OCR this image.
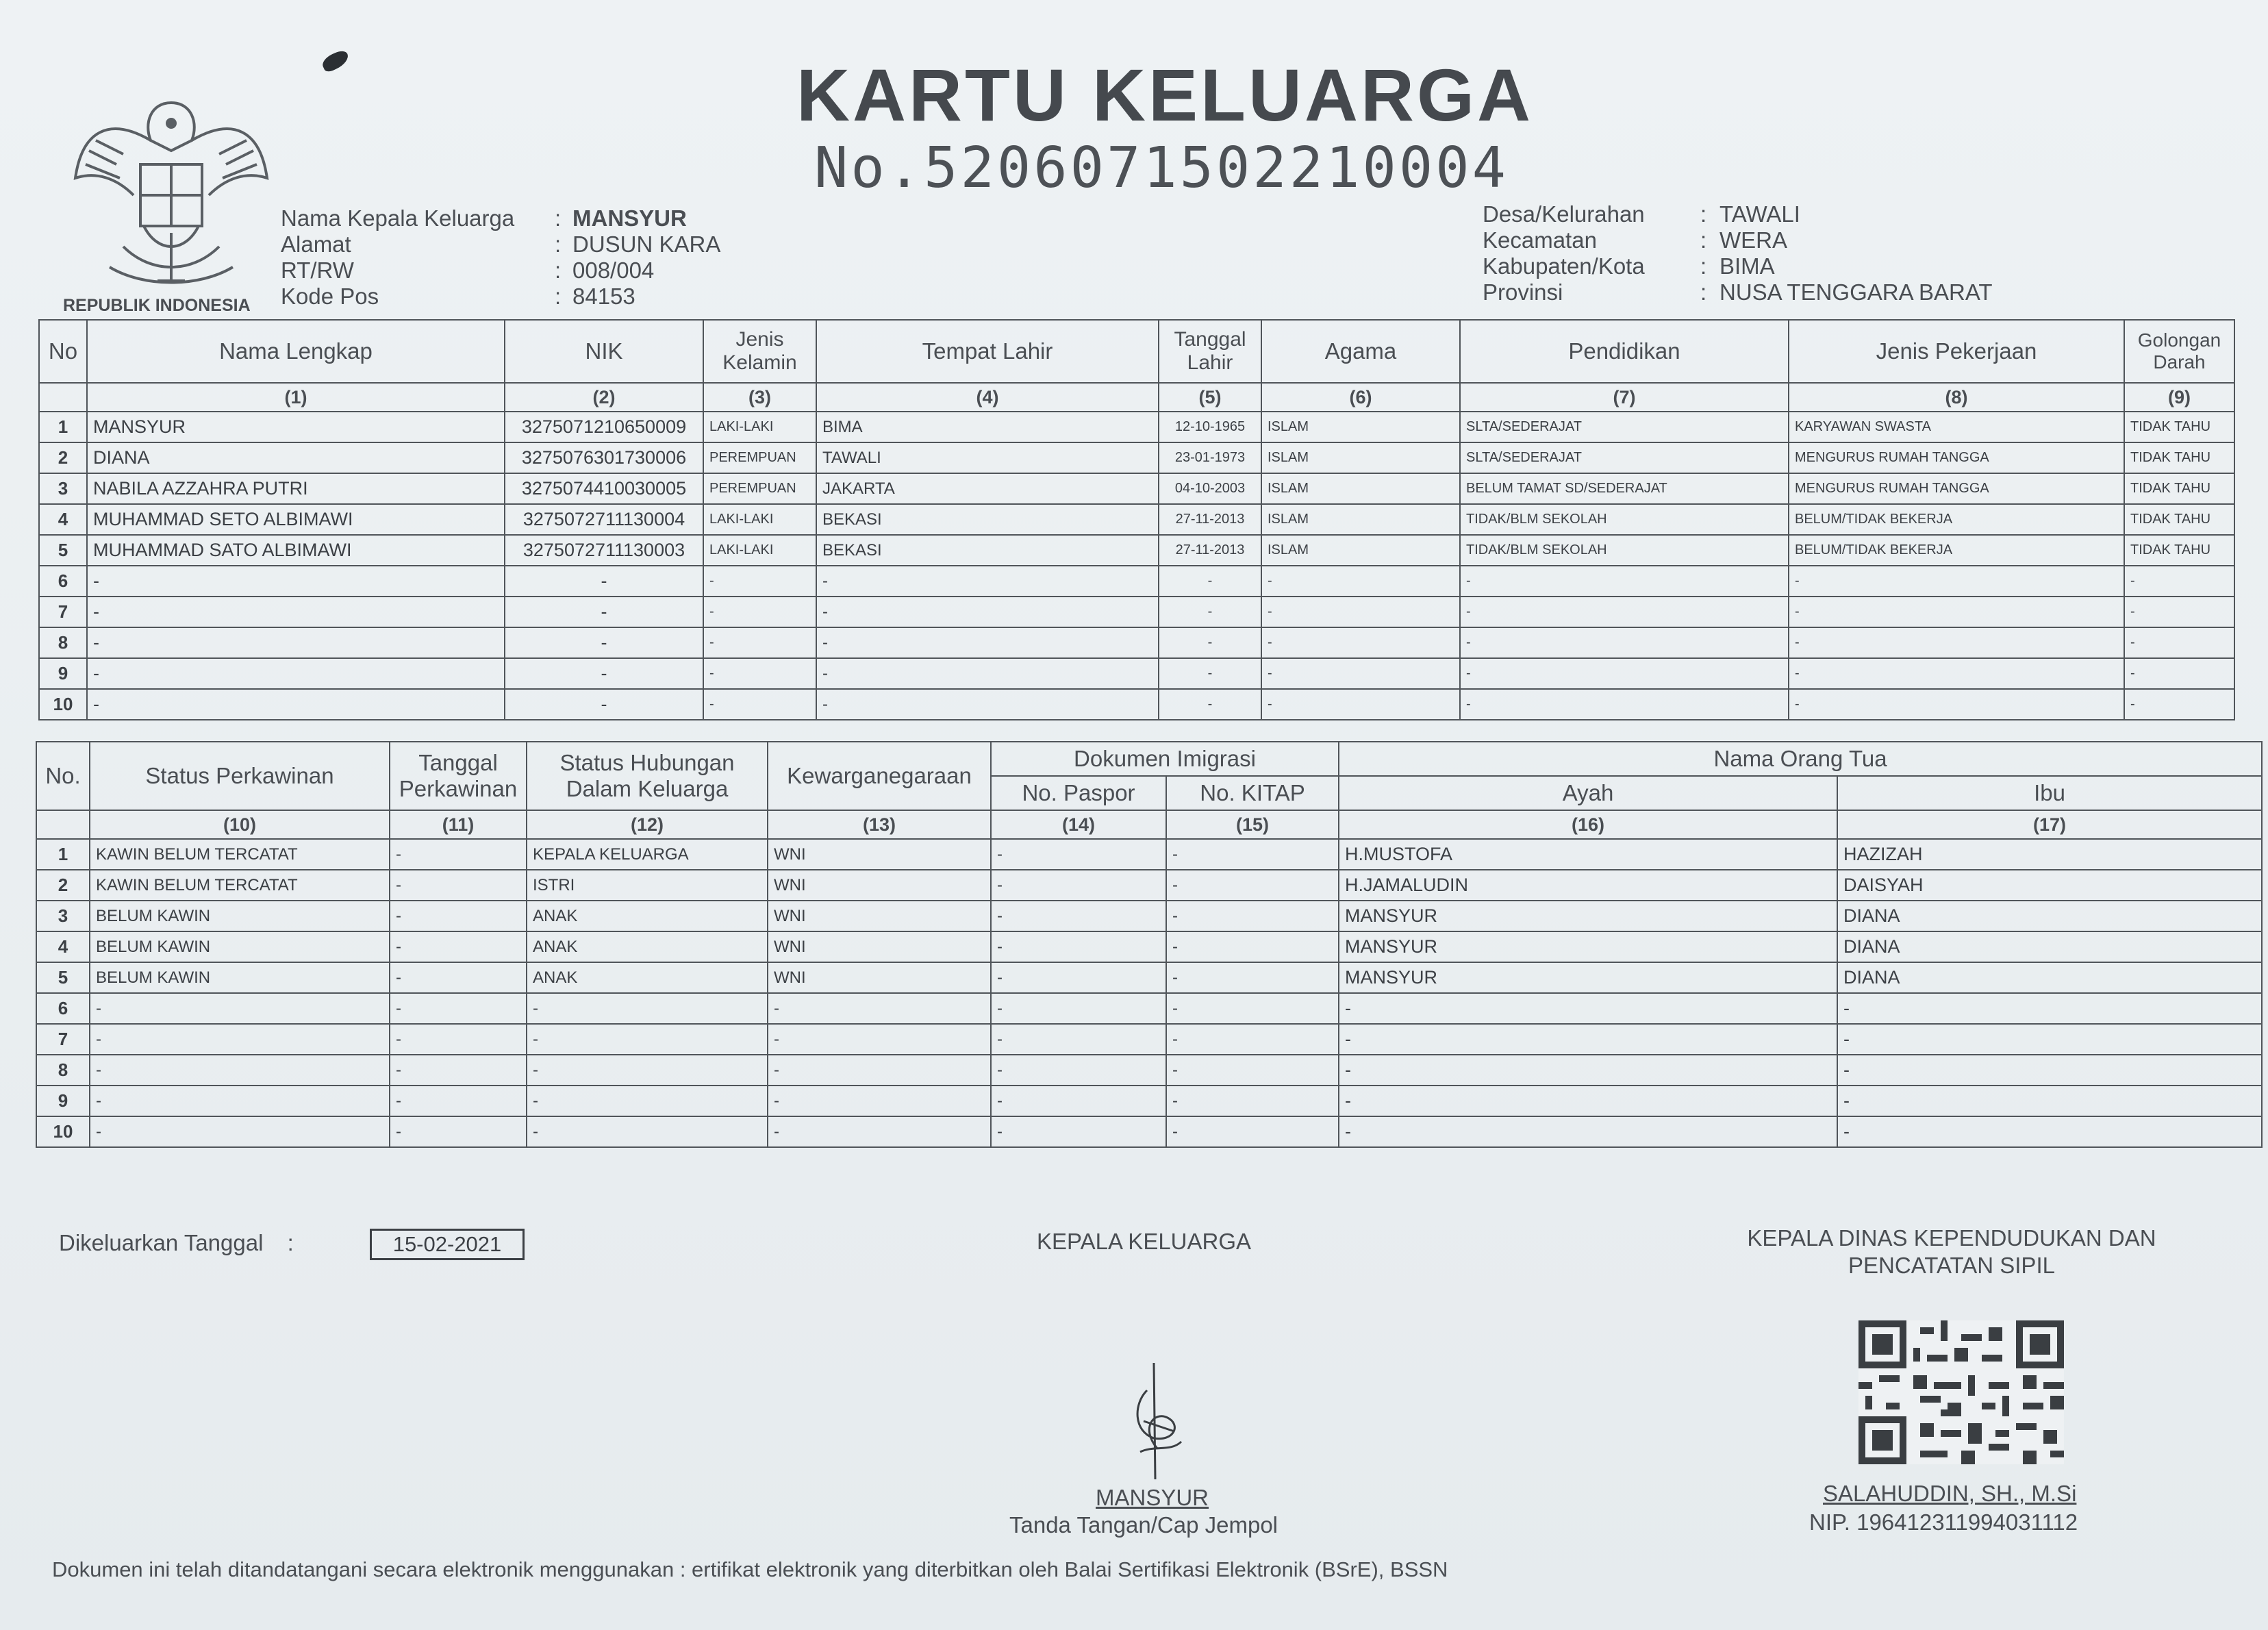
REPUBLIK INDONESIA
KARTU KELUARGA
No.5206071502210004
Nama Kepala Keluarga	: MANSYUR
Alamat	: DUSUN KARA
RT/RW	: 008/004
Kode Pos	: 84153
Desa/Kelurahan	: TAWALI
Kecamatan	: WERA
Kabupaten/Kota	: BIMA
Provinsi	: NUSA TENGGARA BARAT
No	Nama Lengkap	NIK	Jenis Kelamin	Tempat Lahir	Tanggal Lahir	Agama	Pendidikan	Jenis Pekerjaan	Golongan Darah
	(1)	(2)	(3)	(4)	(5)	(6)	(7)	(8)	(9)
1	MANSYUR	3275071210650009	LAKI-LAKI	BIMA	12-10-1965	ISLAM	SLTA/SEDERAJAT	KARYAWAN SWASTA	TIDAK TAHU
2	DIANA	3275076301730006	PEREMPUAN	TAWALI	23-01-1973	ISLAM	SLTA/SEDERAJAT	MENGURUS RUMAH TANGGA	TIDAK TAHU
3	NABILA AZZAHRA PUTRI	3275074410030005	PEREMPUAN	JAKARTA	04-10-2003	ISLAM	BELUM TAMAT SD/SEDERAJAT	MENGURUS RUMAH TANGGA	TIDAK TAHU
4	MUHAMMAD SETO ALBIMAWI	3275072711130004	LAKI-LAKI	BEKASI	27-11-2013	ISLAM	TIDAK/BLM SEKOLAH	BELUM/TIDAK BEKERJA	TIDAK TAHU
5	MUHAMMAD SATO ALBIMAWI	3275072711130003	LAKI-LAKI	BEKASI	27-11-2013	ISLAM	TIDAK/BLM SEKOLAH	BELUM/TIDAK BEKERJA	TIDAK TAHU
6	-	-	-	-	-	-	-	-	-
7	-	-	-	-	-	-	-	-	-
8	-	-	-	-	-	-	-	-	-
9	-	-	-	-	-	-	-	-	-
10	-	-	-	-	-	-	-	-	-
No.	Status Perkawinan	Tanggal Perkawinan	Status Hubungan Dalam Keluarga	Kewarganegaraan	Dokumen Imigrasi		Nama Orang Tua	
					No. Paspor	No. KITAP	Ayah	Ibu
	(10)	(11)	(12)	(13)	(14)	(15)	(16)	(17)
1	KAWIN BELUM TERCATAT	-	KEPALA KELUARGA	WNI	-	-	H.MUSTOFA	HAZIZAH
2	KAWIN BELUM TERCATAT	-	ISTRI	WNI	-	-	H.JAMALUDIN	DAISYAH
3	BELUM KAWIN	-	ANAK	WNI	-	-	MANSYUR	DIANA
4	BELUM KAWIN	-	ANAK	WNI	-	-	MANSYUR	DIANA
5	BELUM KAWIN	-	ANAK	WNI	-	-	MANSYUR	DIANA
6	-	-	-	-	-	-	-	-
7	-	-	-	-	-	-	-	-
8	-	-	-	-	-	-	-	-
9	-	-	-	-	-	-	-	-
10	-	-	-	-	-	-	-	-
Dikeluarkan Tanggal :	15-02-2021	KEPALA KELUARGA
MANSYUR
Tanda Tangan/Cap Jempol
KEPALA DINAS KEPENDUDUKAN DAN
PENCATATAN SIPIL
SALAHUDDIN, SH., M.Si
NIP. 196412311994031112
Dokumen ini telah ditandatangani secara elektronik menggunakan : ertifikat elektronik yang diterbitkan oleh Balai Sertifikasi Elektronik (BSrE), BSSN
